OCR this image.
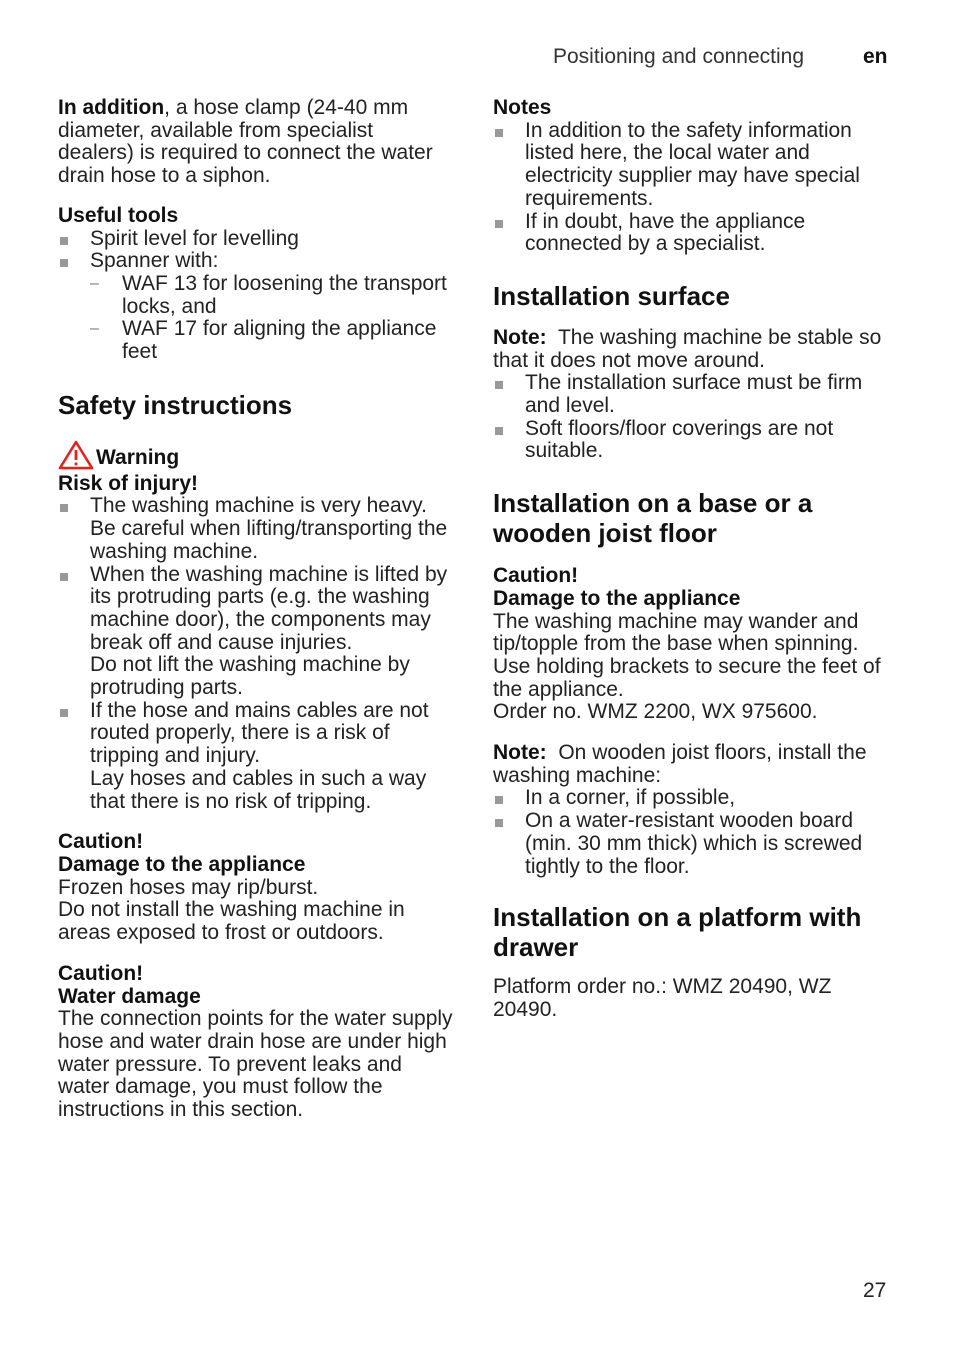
Positioning and connecting	en

In addition, a hose clamp (24-40 mm diameter, available from specialist dealers) is required to connect the water drain hose to a siphon.

Useful tools

Spirit level for levelling
Spanner with:
– WAF 13 for loosening the transport locks, and
– WAF 17 for aligning the appliance feet
Safety instructions
Warning

Risk of injury!

The washing machine is very heavy. Be careful when lifting/transporting the washing machine.
When the washing machine is lifted by its protruding parts (e.g. the washing machine door), the components may break off and cause injuries.
Do not lift the washing machine by protruding parts.
If the hose and mains cables are not routed properly, there is a risk of tripping and injury.
Lay hoses and cables in such a way that there is no risk of tripping.

Caution!

Damage to the appliance

Frozen hoses may rip/burst.

Do not install the washing machine in areas exposed to frost or outdoors.

Caution!

Water damage

The connection points for the water supply hose and water drain hose are under high water pressure. To prevent leaks and water damage, you must follow the instructions in this section.

Notes

In addition to the safety information listed here, the local water and electricity supplier may have special requirements.
If in doubt, have the appliance connected by a specialist.
Installation surface

Note: The washing machine be stable so that it does not move around.

The installation surface must be firm and level.
Soft floors/floor coverings are not suitable.
Installation on a base or a wooden joist floor

Caution!

Damage to the appliance

The washing machine may wander and tip/topple from the base when spinning. Use holding brackets to secure the feet of the appliance.

Order no. WMZ 2200, WX 975600.

Note: On wooden joist floors, install the washing machine:

In a corner, if possible,
On a water-resistant wooden board (min. 30 mm thick) which is screwed tightly to the floor.
Installation on a platform with drawer

Platform order no.: WMZ 20490, WZ 20490.

27
